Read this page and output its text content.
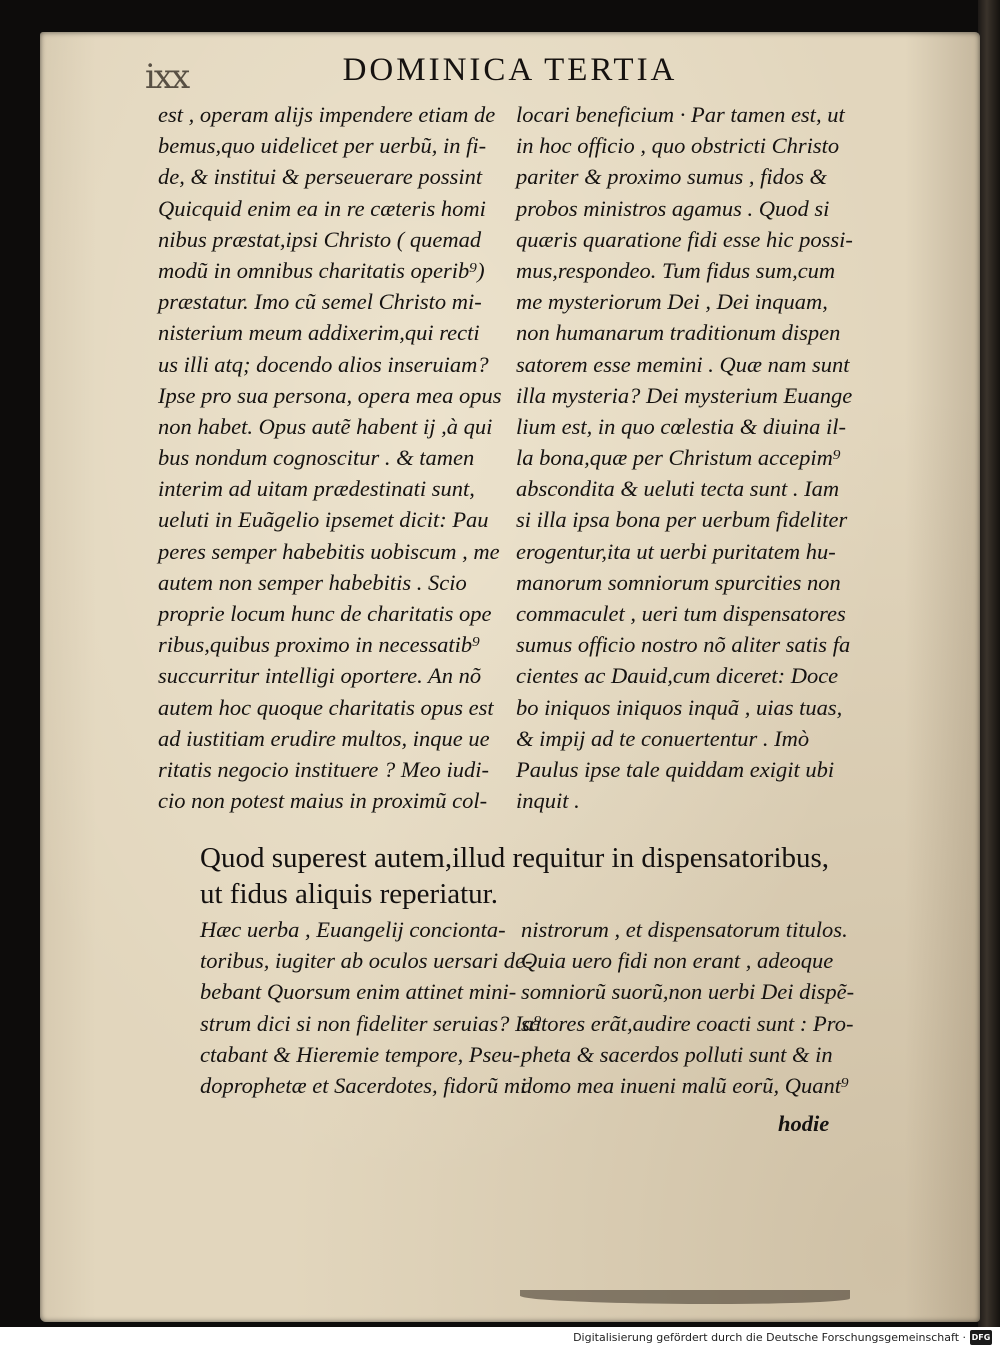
ixx	DOMINICA TERTIA
est , operam alijs impendere etiam de
bemus,quo uidelicet per uerbũ, in fi-
de, & institui & perseuerare possint
Quicquid enim ea in re cæteris homi
nibus præstat,ipsi Christo ( quemad
modũ in omnibus charitatis operib⁹)
præstatur. Imo cũ semel Christo mi-
nisterium meum addixerim,qui recti
us illi atq; docendo alios inseruiam?
Ipse pro sua persona, opera mea opus
non habet. Opus autẽ habent ij ,à qui
bus nondum cognoscitur . & tamen
interim ad uitam prædestinati sunt,
ueluti in Euãgelio ipsemet dicit: Pau
peres semper habebitis uobiscum , me
autem non semper habebitis . Scio
proprie locum hunc de charitatis ope
ribus,quibus proximo in necessatib⁹
succurritur intelligi oportere. An nõ
autem hoc quoque charitatis opus est
ad iustitiam erudire multos, inque ue
ritatis negocio instituere ? Meo iudi-
cio non potest maius in proximũ col-
locari beneficium · Par tamen est, ut
in hoc officio , quo obstricti Christo
pariter & proximo sumus , fidos &
probos ministros agamus . Quod si
quæris quaratione fidi esse hic possi-
mus,respondeo. Tum fidus sum,cum
me mysteriorum Dei , Dei inquam,
non humanarum traditionum dispen
satorem esse memini . Quæ nam sunt
illa mysteria? Dei mysterium Euange
lium est, in quo cœlestia & diuina il-
la bona,quæ per Christum accepim⁹
abscondita & ueluti tecta sunt . Iam
si illa ipsa bona per uerbum fideliter
erogentur,ita ut uerbi puritatem hu-
manorum somniorum spurcities non
commaculet , ueri tum dispensatores
sumus officio nostro nõ aliter satis fa
cientes ac Dauid,cum diceret: Doce
bo iniquos iniquos inquã , uias tuas,
& impij ad te conuertentur . Imò
Paulus ipse tale quiddam exigit ubi
inquit .
Quod superest autem,illud requitur in dispensatoribus,
ut fidus aliquis reperiatur.
Hæc uerba , Euangelij concionta-
toribus, iugiter ab oculos uersari de-
bebant Quorsum enim attinet mini-
strum dici si non fideliter seruias? Ia⁹
ctabant & Hieremie tempore, Pseu-
doprophetæ et Sacerdotes, fidorũ mi
nistrorum , et dispensatorum titulos.
Quia uero fidi non erant , adeoque
somniorũ suorũ,non uerbi Dei dispẽ-
satores erãt,audire coacti sunt : Pro-
pheta & sacerdos polluti sunt & in
domo mea inueni malũ eorũ, Quant⁹
hodie
Digitalisierung gefördert durch die Deutsche Forschungsgemeinschaft · DFG
